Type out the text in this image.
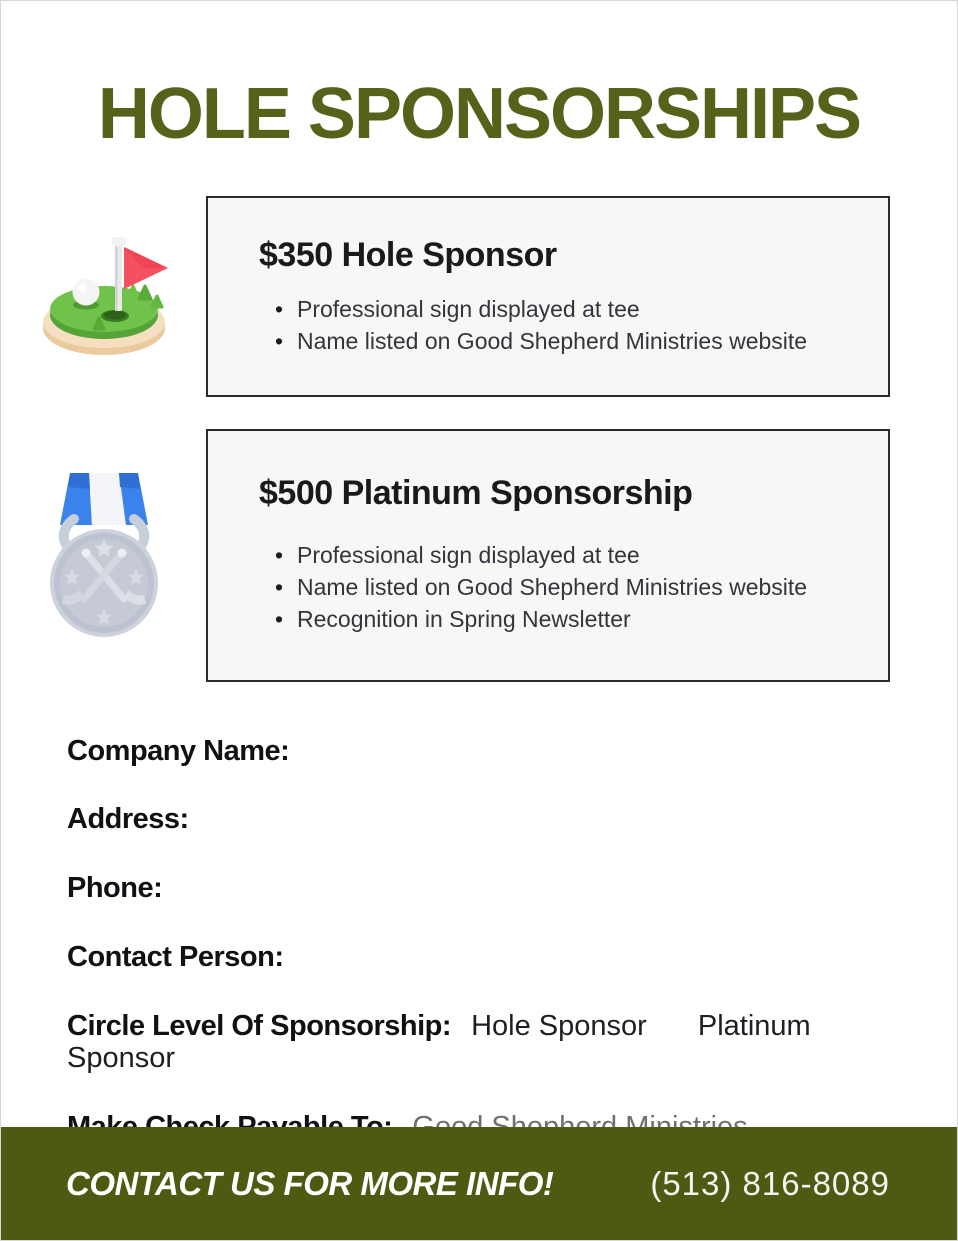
HOLE SPONSORSHIPS
$350 Hole Sponsor
• Professional sign displayed at tee
• Name listed on Good Shepherd Ministries website
$500 Platinum Sponsorship
• Professional sign displayed at tee
• Name listed on Good Shepherd Ministries website
• Recognition in Spring Newsletter
Company Name:
Address:
Phone:
Contact Person:
Circle Level Of Sponsorship: Hole Sponsor Platinum Sponsor
CONTACT US FOR MORE INFO!	(513) 816-8089
